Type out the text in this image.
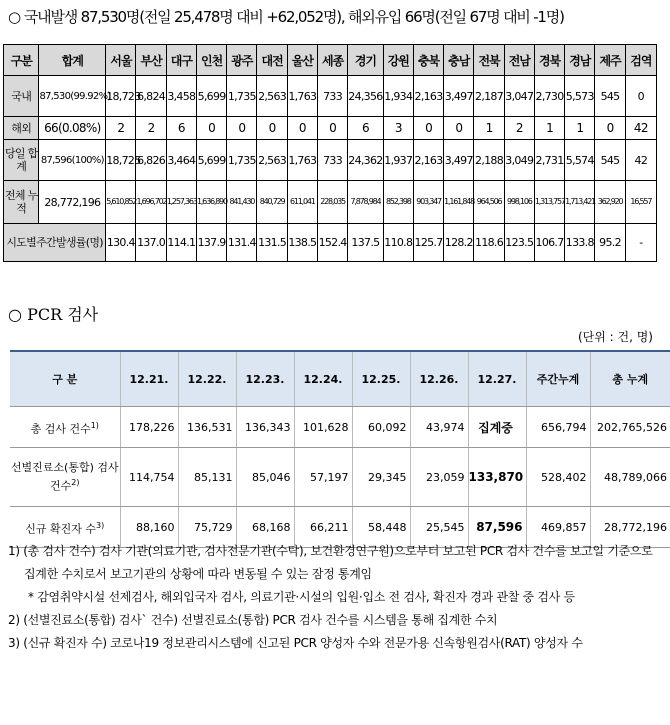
○ 국내발생 87,530명(전일 25,478명 대비 +62,052명), 해외유입 66명(전일 67명 대비 -1명)
구분	합계	서울	부산	대구	인천	광주	대전	울산	세종	경기	강원	충북	충남	전북	전남	경북	경남	제주	검역
국내	87,530(99.92%)	18,723	6,824	3,458	5,699	1,735	2,563	1,763	733	24,356	1,934	2,163	3,497	2,187	3,047	2,730	5,573	545	0
해외	66(0.08%)	2	2	6	0	0	0	0	0	6	3	0	0	1	2	1	1	0	42
당일 합계	87,596(100%)	18,725	6,826	3,464	5,699	1,735	2,563	1,763	733	24,362	1,937	2,163	3,497	2,188	3,049	2,731	5,574	545	42
전체 누적	28,772,196	5,610,852	1,696,702	1,257,363	1,636,890	841,430	840,729	611,041	228,035	7,878,984	852,398	903,347	1,161,848	964,506	998,106	1,313,757	1,713,421	362,920	16,557
시도별주간발생률(명)		130.4	137.0	114.1	137.9	131.4	131.5	138.5	152.4	137.5	110.8	125.7	128.2	118.6	123.5	106.7	133.8	95.2	-
○ PCR 검사
(단위 : 건, 명)
구 분	12.21.	12.22.	12.23.	12.24.	12.25.	12.26.	12.27.	주간누계	총 누계
총 검사 건수$^{1)}$	178,226	136,531	136,343	101,628	60,092	43,974	집계중	656,794	202,765,526
선별진료소(통합) 검사 건수$^{2)}$	114,754	85,131	85,046	57,197	29,345	23,059	133,870	528,402	48,789,066
신규 확진자 수$^{3)}$	88,160	75,729	68,168	66,211	58,448	25,545	87,596	469,857	28,772,196

1) (총 검사 건수) 검사 기관(의료기관, 검사전문기관(수탁), 보건환경연구원)으로부터 보고된 PCR 검사 건수를 보고일 기준으로 집계한 수치로서 보고기관의 상황에 따라 변동될 수 있는 잠정 통계임

* 감염취약시설 선제검사, 해외입국자 검사, 의료기관·시설의 입원·입소 전 검사, 확진자 경과 관찰 중 검사 등

2) (선별진료소(통합) 검사` 건수) 선별진료소(통합) PCR 검사 건수를 시스템을 통해 집계한 수치

3) (신규 확진자 수) 코로나19 정보관리시스템에 신고된 PCR 양성자 수와 전문가용 신속항원검사(RAT) 양성자 수
